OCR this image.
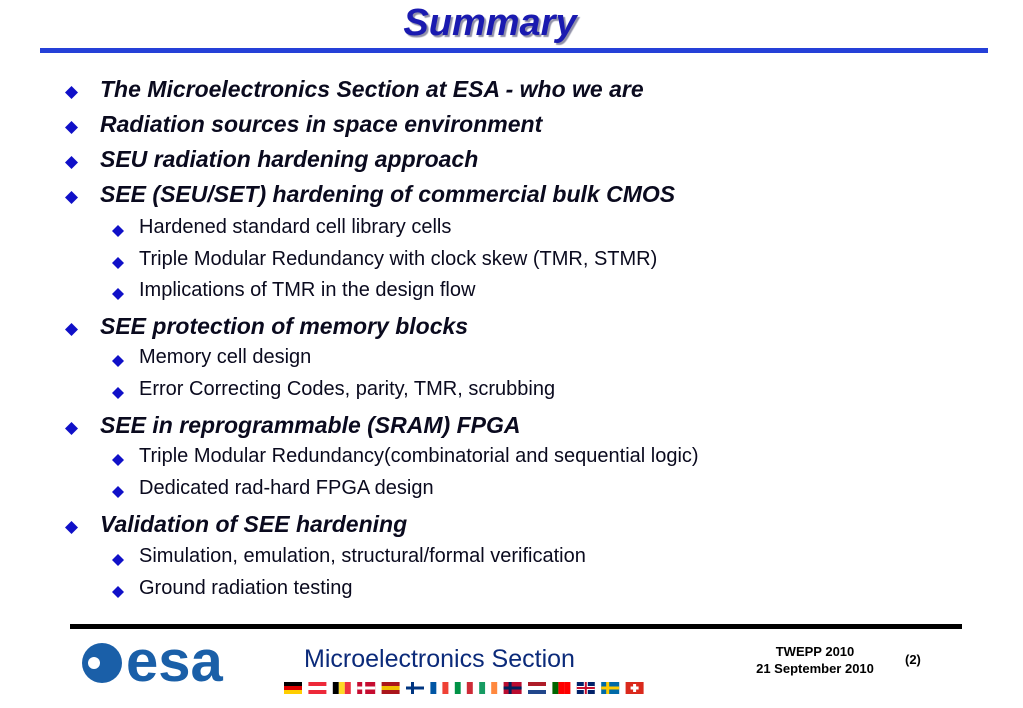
Summary
The Microelectronics Section at ESA - who we are
Radiation sources in space environment
SEU radiation hardening approach
SEE (SEU/SET) hardening of commercial bulk CMOS
Hardened standard cell library cells
Triple Modular Redundancy with clock skew (TMR, STMR)
Implications of TMR in the design flow
SEE protection of memory blocks
Memory cell design
Error Correcting Codes, parity, TMR, scrubbing
SEE in reprogrammable (SRAM) FPGA
Triple Modular Redundancy(combinatorial and sequential logic)
Dedicated rad-hard FPGA design
Validation of SEE hardening
Simulation, emulation, structural/formal verification
Ground radiation testing
esa	Microelectronics Section	TWEPP 2010
21 September 2010
(2)
